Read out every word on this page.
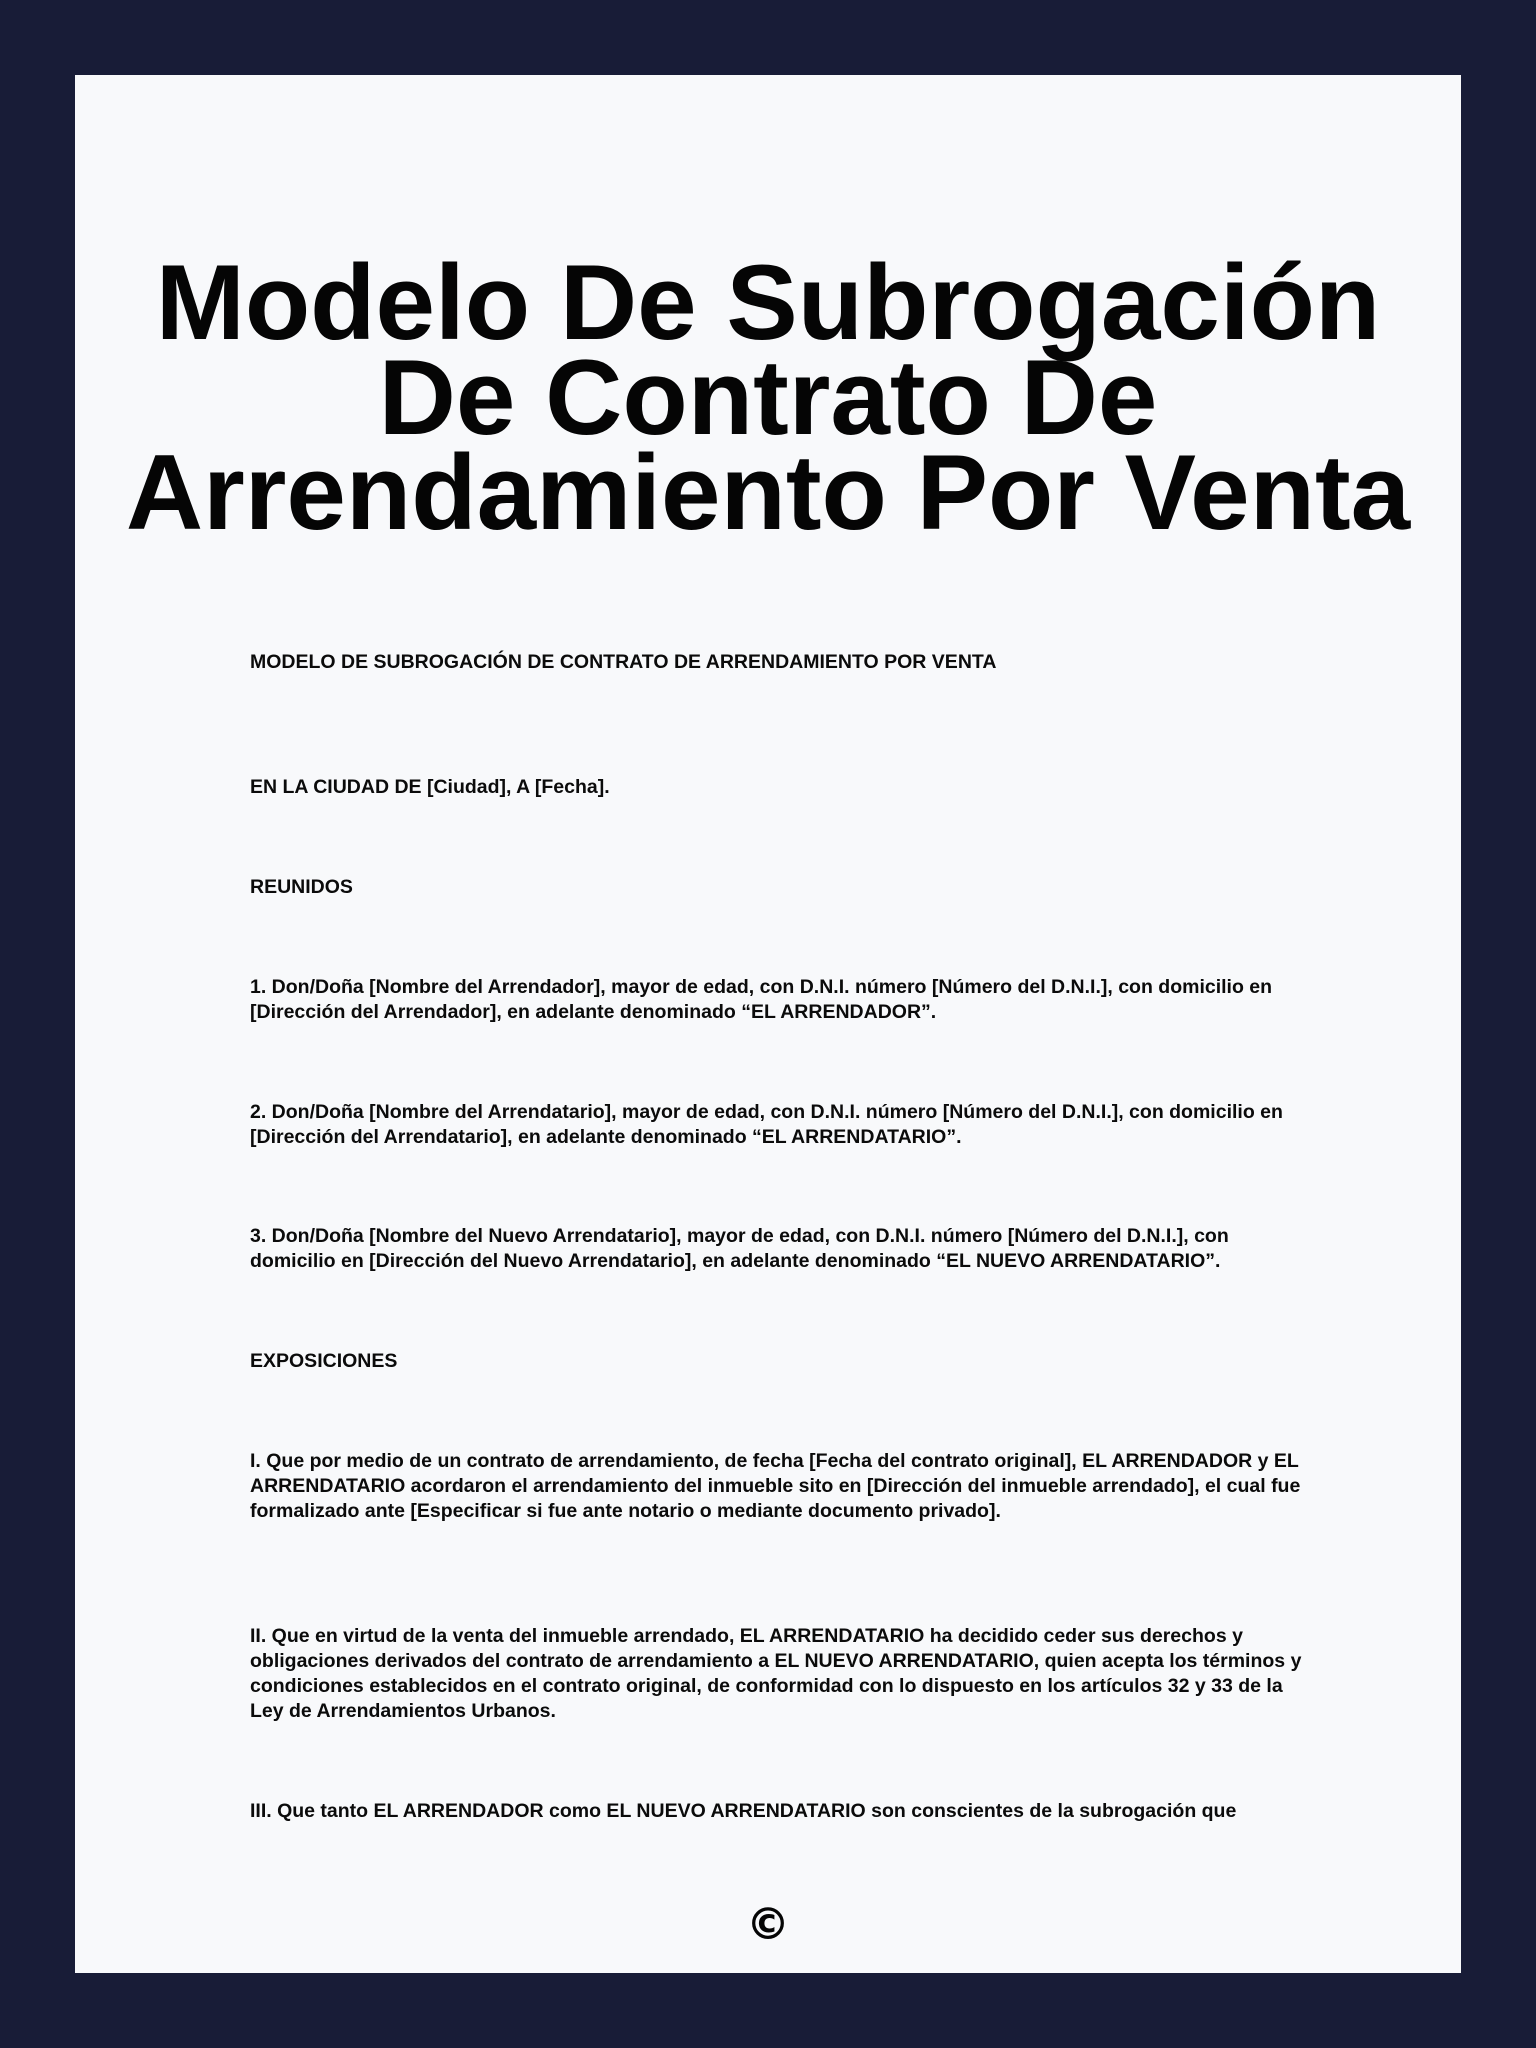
Modelo De Subrogación De Contrato De Arrendamiento Por Venta

MODELO DE SUBROGACIÓN DE CONTRATO DE ARRENDAMIENTO POR VENTA

EN LA CIUDAD DE [Ciudad], A [Fecha].

REUNIDOS

1. Don/Doña [Nombre del Arrendador], mayor de edad, con D.N.I. número [Número del D.N.I.], con domicilio en [Dirección del Arrendador], en adelante denominado “EL ARRENDADOR”.

2. Don/Doña [Nombre del Arrendatario], mayor de edad, con D.N.I. número [Número del D.N.I.], con domicilio en [Dirección del Arrendatario], en adelante denominado “EL ARRENDATARIO”.

3. Don/Doña [Nombre del Nuevo Arrendatario], mayor de edad, con D.N.I. número [Número del D.N.I.], con domicilio en [Dirección del Nuevo Arrendatario], en adelante denominado “EL NUEVO ARRENDATARIO”.

EXPOSICIONES

I. Que por medio de un contrato de arrendamiento, de fecha [Fecha del contrato original], EL ARRENDADOR y EL ARRENDATARIO acordaron el arrendamiento del inmueble sito en [Dirección del inmueble arrendado], el cual fue formalizado ante [Especificar si fue ante notario o mediante documento privado].

II. Que en virtud de la venta del inmueble arrendado, EL ARRENDATARIO ha decidido ceder sus derechos y obligaciones derivados del contrato de arrendamiento a EL NUEVO ARRENDATARIO, quien acepta los términos y condiciones establecidos en el contrato original, de conformidad con lo dispuesto en los artículos 32 y 33 de la Ley de Arrendamientos Urbanos.

III. Que tanto EL ARRENDADOR como EL NUEVO ARRENDATARIO son conscientes de la subrogación que

©
